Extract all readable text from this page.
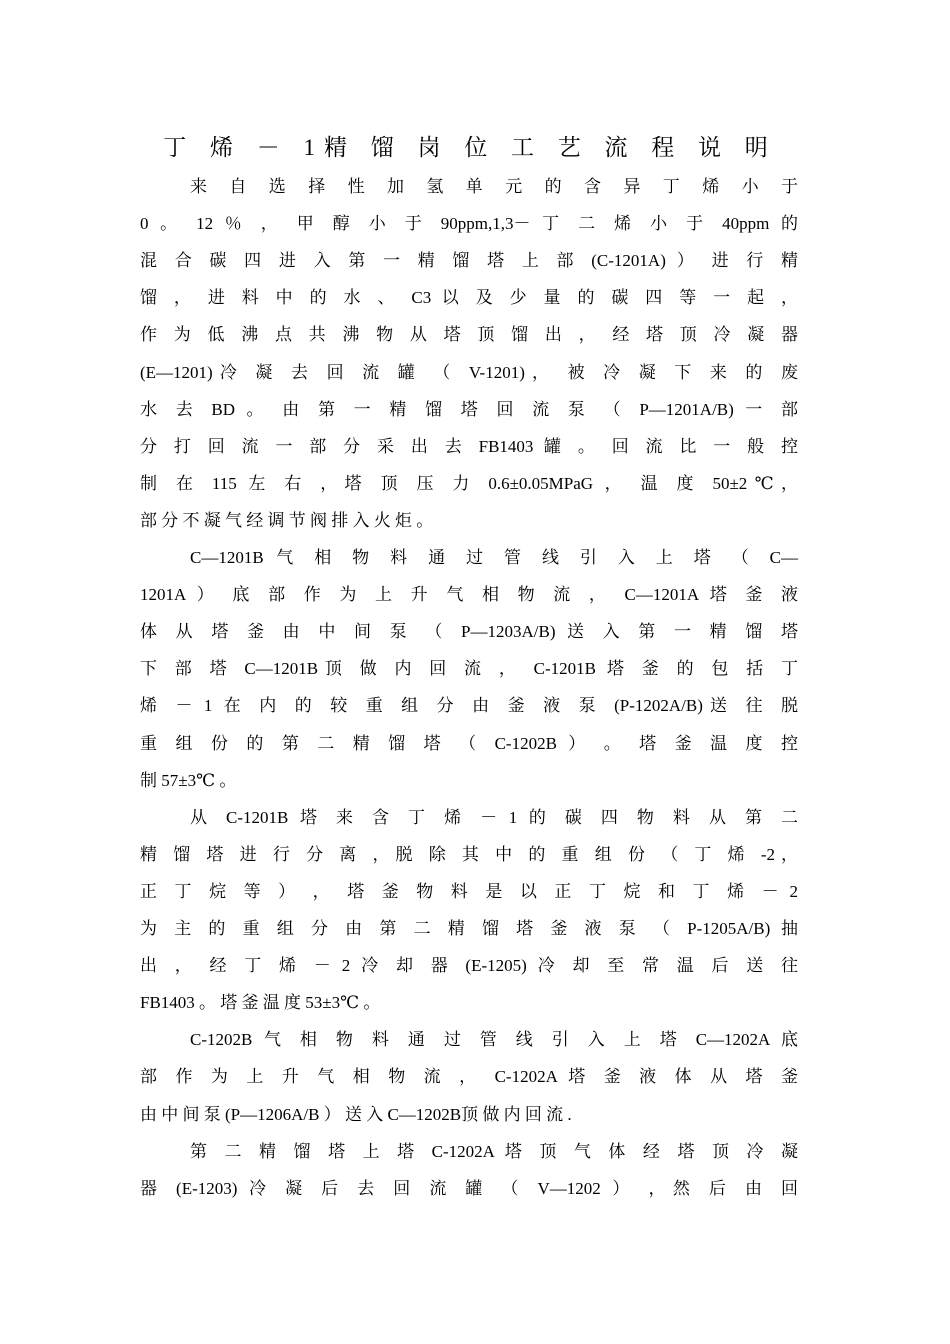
丁 烯 － 1精 馏 岗 位 工 艺 流 程 说 明
来 自 选 择 性 加 氢 单 元 的 含 异 丁 烯 小 于
0 。 12 ％ ， 甲 醇 小 于 90ppm,1,3－ 丁 二 烯 小 于 40ppm 的
混 合 碳 四 进 入 第 一 精 馏 塔 上 部 (C-1201A) ） 进 行 精
馏 ， 进 料 中 的 水 、 C3 以 及 少 量 的 碳 四 等 一 起 ，
作 为 低 沸 点 共 沸 物 从 塔 顶 馏 出 ， 经 塔 顶 冷 凝 器
(E—1201)冷 凝 去 回 流 罐 （ V-1201)， 被 冷 凝 下 来 的 废
水 去 BD 。 由 第 一 精 馏 塔 回 流 泵 （ P—1201A/B) 一 部
分 打 回 流 一 部 分 采 出 去 FB1403 罐 。 回 流 比 一 般 控
制 在 115 左 右 ，塔 顶 压 力 0.6±0.05MPaG ， 温 度 50±2℃，
部 分 不 凝 气 经 调 节 阀 排 入 火 炬 。
C—1201B 气 相 物 料 通 过 管 线 引 入 上 塔 （ C—
1201A ） 底 部 作 为 上 升 气 相 物 流 ， C—1201A 塔 釜 液
体 从 塔 釜 由 中 间 泵 （ P—1203A/B) 送 入 第 一 精 馏 塔
下 部 塔 C—1201B顶 做 内 回 流 ， C-1201B 塔 釜 的 包 括 丁
烯 － 1 在 内 的 较 重 组 分 由 釜 液 泵 (P-1202A/B)送 往 脱
重 组 份 的 第 二 精 馏 塔 （ C-1202B ） 。 塔 釜 温 度 控
制 57±3℃ 。
从 C-1201B 塔 来 含 丁 烯 － 1 的 碳 四 物 料 从 第 二
精 馏 塔 进 行 分 离 ，脱 除 其 中 的 重 组 份 （ 丁 烯 -2，
正 丁 烷 等 ） ， 塔 釜 物 料 是 以 正 丁 烷 和 丁 烯 － 2
为 主 的 重 组 分 由 第 二 精 馏 塔 釜 液 泵 （ P-1205A/B) 抽
出 ， 经 丁 烯 － 2 冷 却 器 (E-1205) 冷 却 至 常 温 后 送 往
FB1403 。 塔 釜 温 度 53±3℃ 。
C-1202B 气 相 物 料 通 过 管 线 引 入 上 塔 C—1202A 底
部 作 为 上 升 气 相 物 流 ， C-1202A 塔 釜 液 体 从 塔 釜
由 中 间 泵 (P—1206A/B ） 送 入 C—1202B顶 做 内 回 流 .
第 二 精 馏 塔 上 塔 C-1202A 塔 顶 气 体 经 塔 顶 冷 凝
器 (E-1203) 冷 凝 后 去 回 流 罐 （ V—1202 ） ，然 后 由 回
